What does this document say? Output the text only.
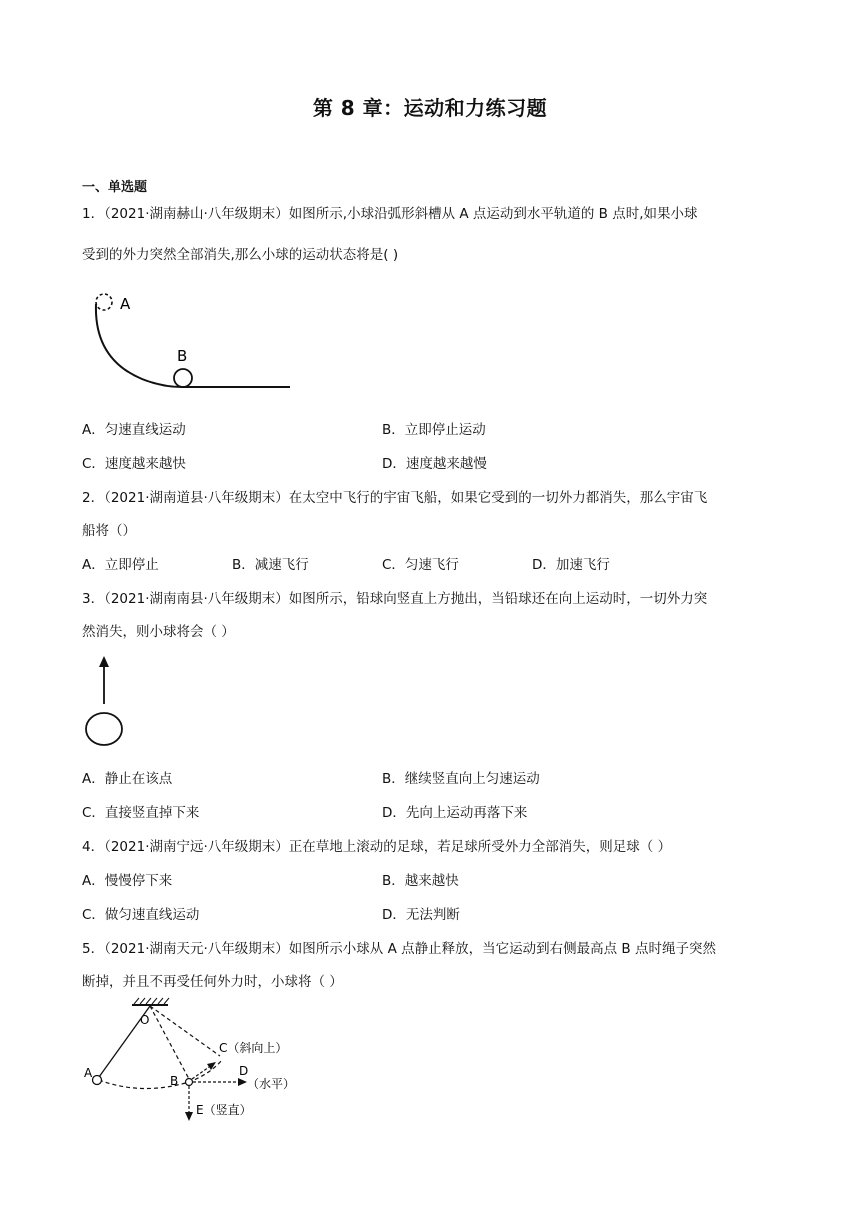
第 8 章：运动和力练习题
一、单选题
1．（2021·湖南赫山·八年级期末）如图所示,小球沿弧形斜槽从 A 点运动到水平轨道的 B 点时,如果小球
受到的外力突然全部消失,那么小球的运动状态将是( )
A
B
A．匀速直线运动	B．立即停止运动
C．速度越来越快	D．速度越来越慢
2．（2021·湖南道县·八年级期末）在太空中飞行的宇宙飞船，如果它受到的一切外力都消失，那么宇宙飞
船将（）
A．立即停止	B．减速飞行	C．匀速飞行	D．加速飞行
3．（2021·湖南南县·八年级期末）如图所示，铅球向竖直上方抛出，当铅球还在向上运动时，一切外力突
然消失，则小球将会（ ）
A．静止在该点	B．继续竖直向上匀速运动
C．直接竖直掉下来	D．先向上运动再落下来
4．（2021·湖南宁远·八年级期末）正在草地上滚动的足球，若足球所受外力全部消失，则足球（ ）
A．慢慢停下来	B．越来越快
C．做匀速直线运动	D．无法判断
5．（2021·湖南天元·八年级期末）如图所示小球从 A 点静止释放，当它运动到右侧最高点 B 点时绳子突然
断掉，并且不再受任何外力时，小球将（ ）
O
A
B
C（斜向上）
D
（水平）
E（竖直）
